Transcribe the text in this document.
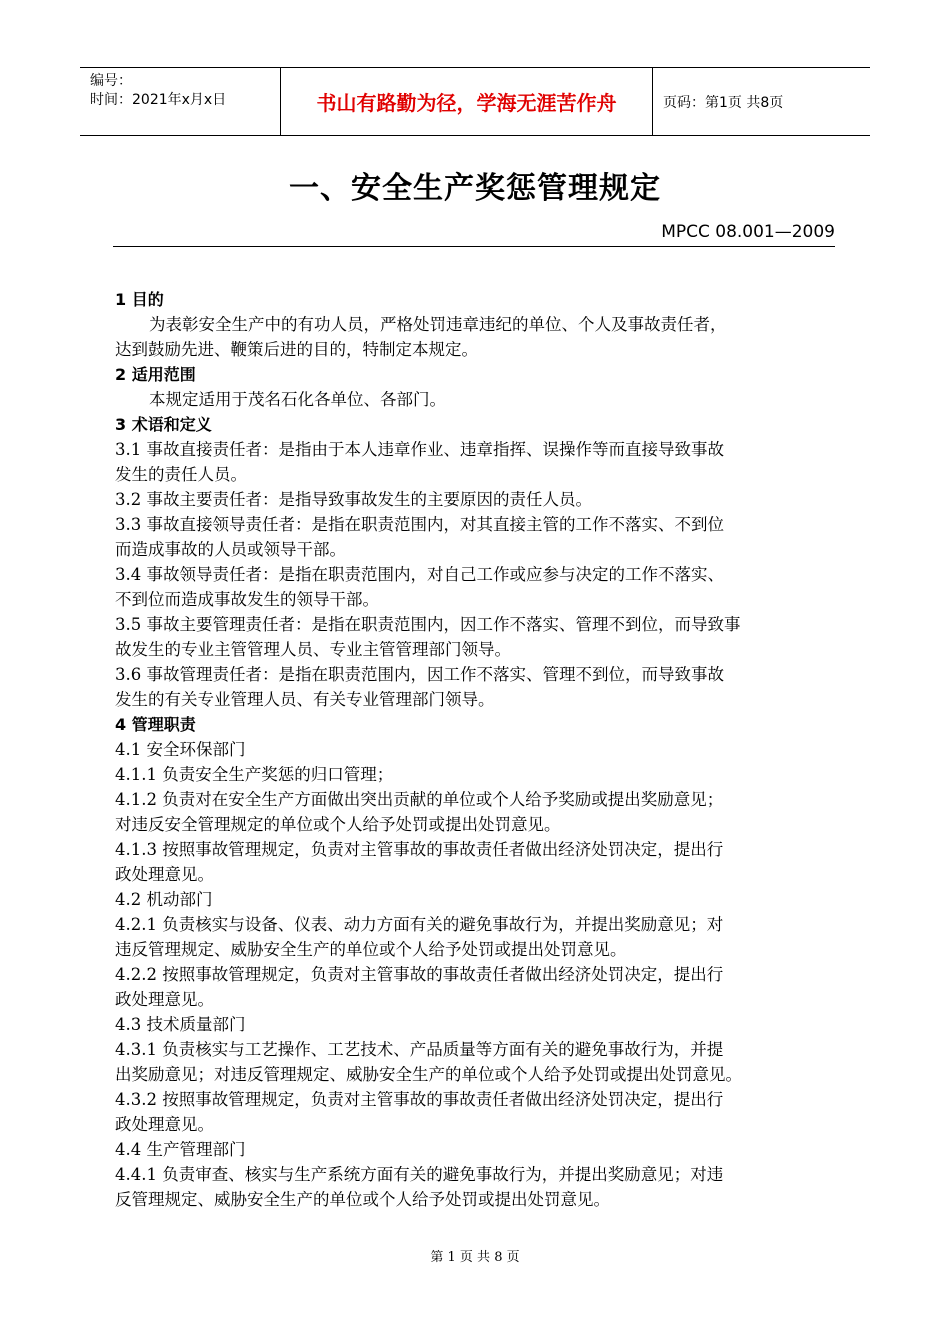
编号：
时间：2021年x月x日	书山有路勤为径，学海无涯苦作舟	页码：第1页 共8页
一、安全生产奖惩管理规定
MPCC 08.001—2009
1 目的
为表彰安全生产中的有功人员，严格处罚违章违纪的单位、个人及事故责任者，
达到鼓励先进、鞭策后进的目的，特制定本规定。
2 适用范围
本规定适用于茂名石化各单位、各部门。
3 术语和定义
3.1 事故直接责任者：是指由于本人违章作业、违章指挥、误操作等而直接导致事故
发生的责任人员。
3.2 事故主要责任者：是指导致事故发生的主要原因的责任人员。
3.3 事故直接领导责任者：是指在职责范围内，对其直接主管的工作不落实、不到位
而造成事故的人员或领导干部。
3.4 事故领导责任者：是指在职责范围内，对自己工作或应参与决定的工作不落实、
不到位而造成事故发生的领导干部。
3.5 事故主要管理责任者：是指在职责范围内，因工作不落实、管理不到位，而导致事
故发生的专业主管管理人员、专业主管管理部门领导。
3.6 事故管理责任者：是指在职责范围内，因工作不落实、管理不到位，而导致事故
发生的有关专业管理人员、有关专业管理部门领导。
4 管理职责
4.1 安全环保部门
4.1.1 负责安全生产奖惩的归口管理；
4.1.2 负责对在安全生产方面做出突出贡献的单位或个人给予奖励或提出奖励意见；
对违反安全管理规定的单位或个人给予处罚或提出处罚意见。
4.1.3 按照事故管理规定，负责对主管事故的事故责任者做出经济处罚决定，提出行
政处理意见。
4.2 机动部门
4.2.1 负责核实与设备、仪表、动力方面有关的避免事故行为，并提出奖励意见；对
违反管理规定、威胁安全生产的单位或个人给予处罚或提出处罚意见。
4.2.2 按照事故管理规定，负责对主管事故的事故责任者做出经济处罚决定，提出行
政处理意见。
4.3 技术质量部门
4.3.1 负责核实与工艺操作、工艺技术、产品质量等方面有关的避免事故行为，并提
出奖励意见；对违反管理规定、威胁安全生产的单位或个人给予处罚或提出处罚意见。
4.3.2 按照事故管理规定，负责对主管事故的事故责任者做出经济处罚决定，提出行
政处理意见。
4.4 生产管理部门
4.4.1 负责审查、核实与生产系统方面有关的避免事故行为，并提出奖励意见；对违
反管理规定、威胁安全生产的单位或个人给予处罚或提出处罚意见。
第 1 页 共 8 页
